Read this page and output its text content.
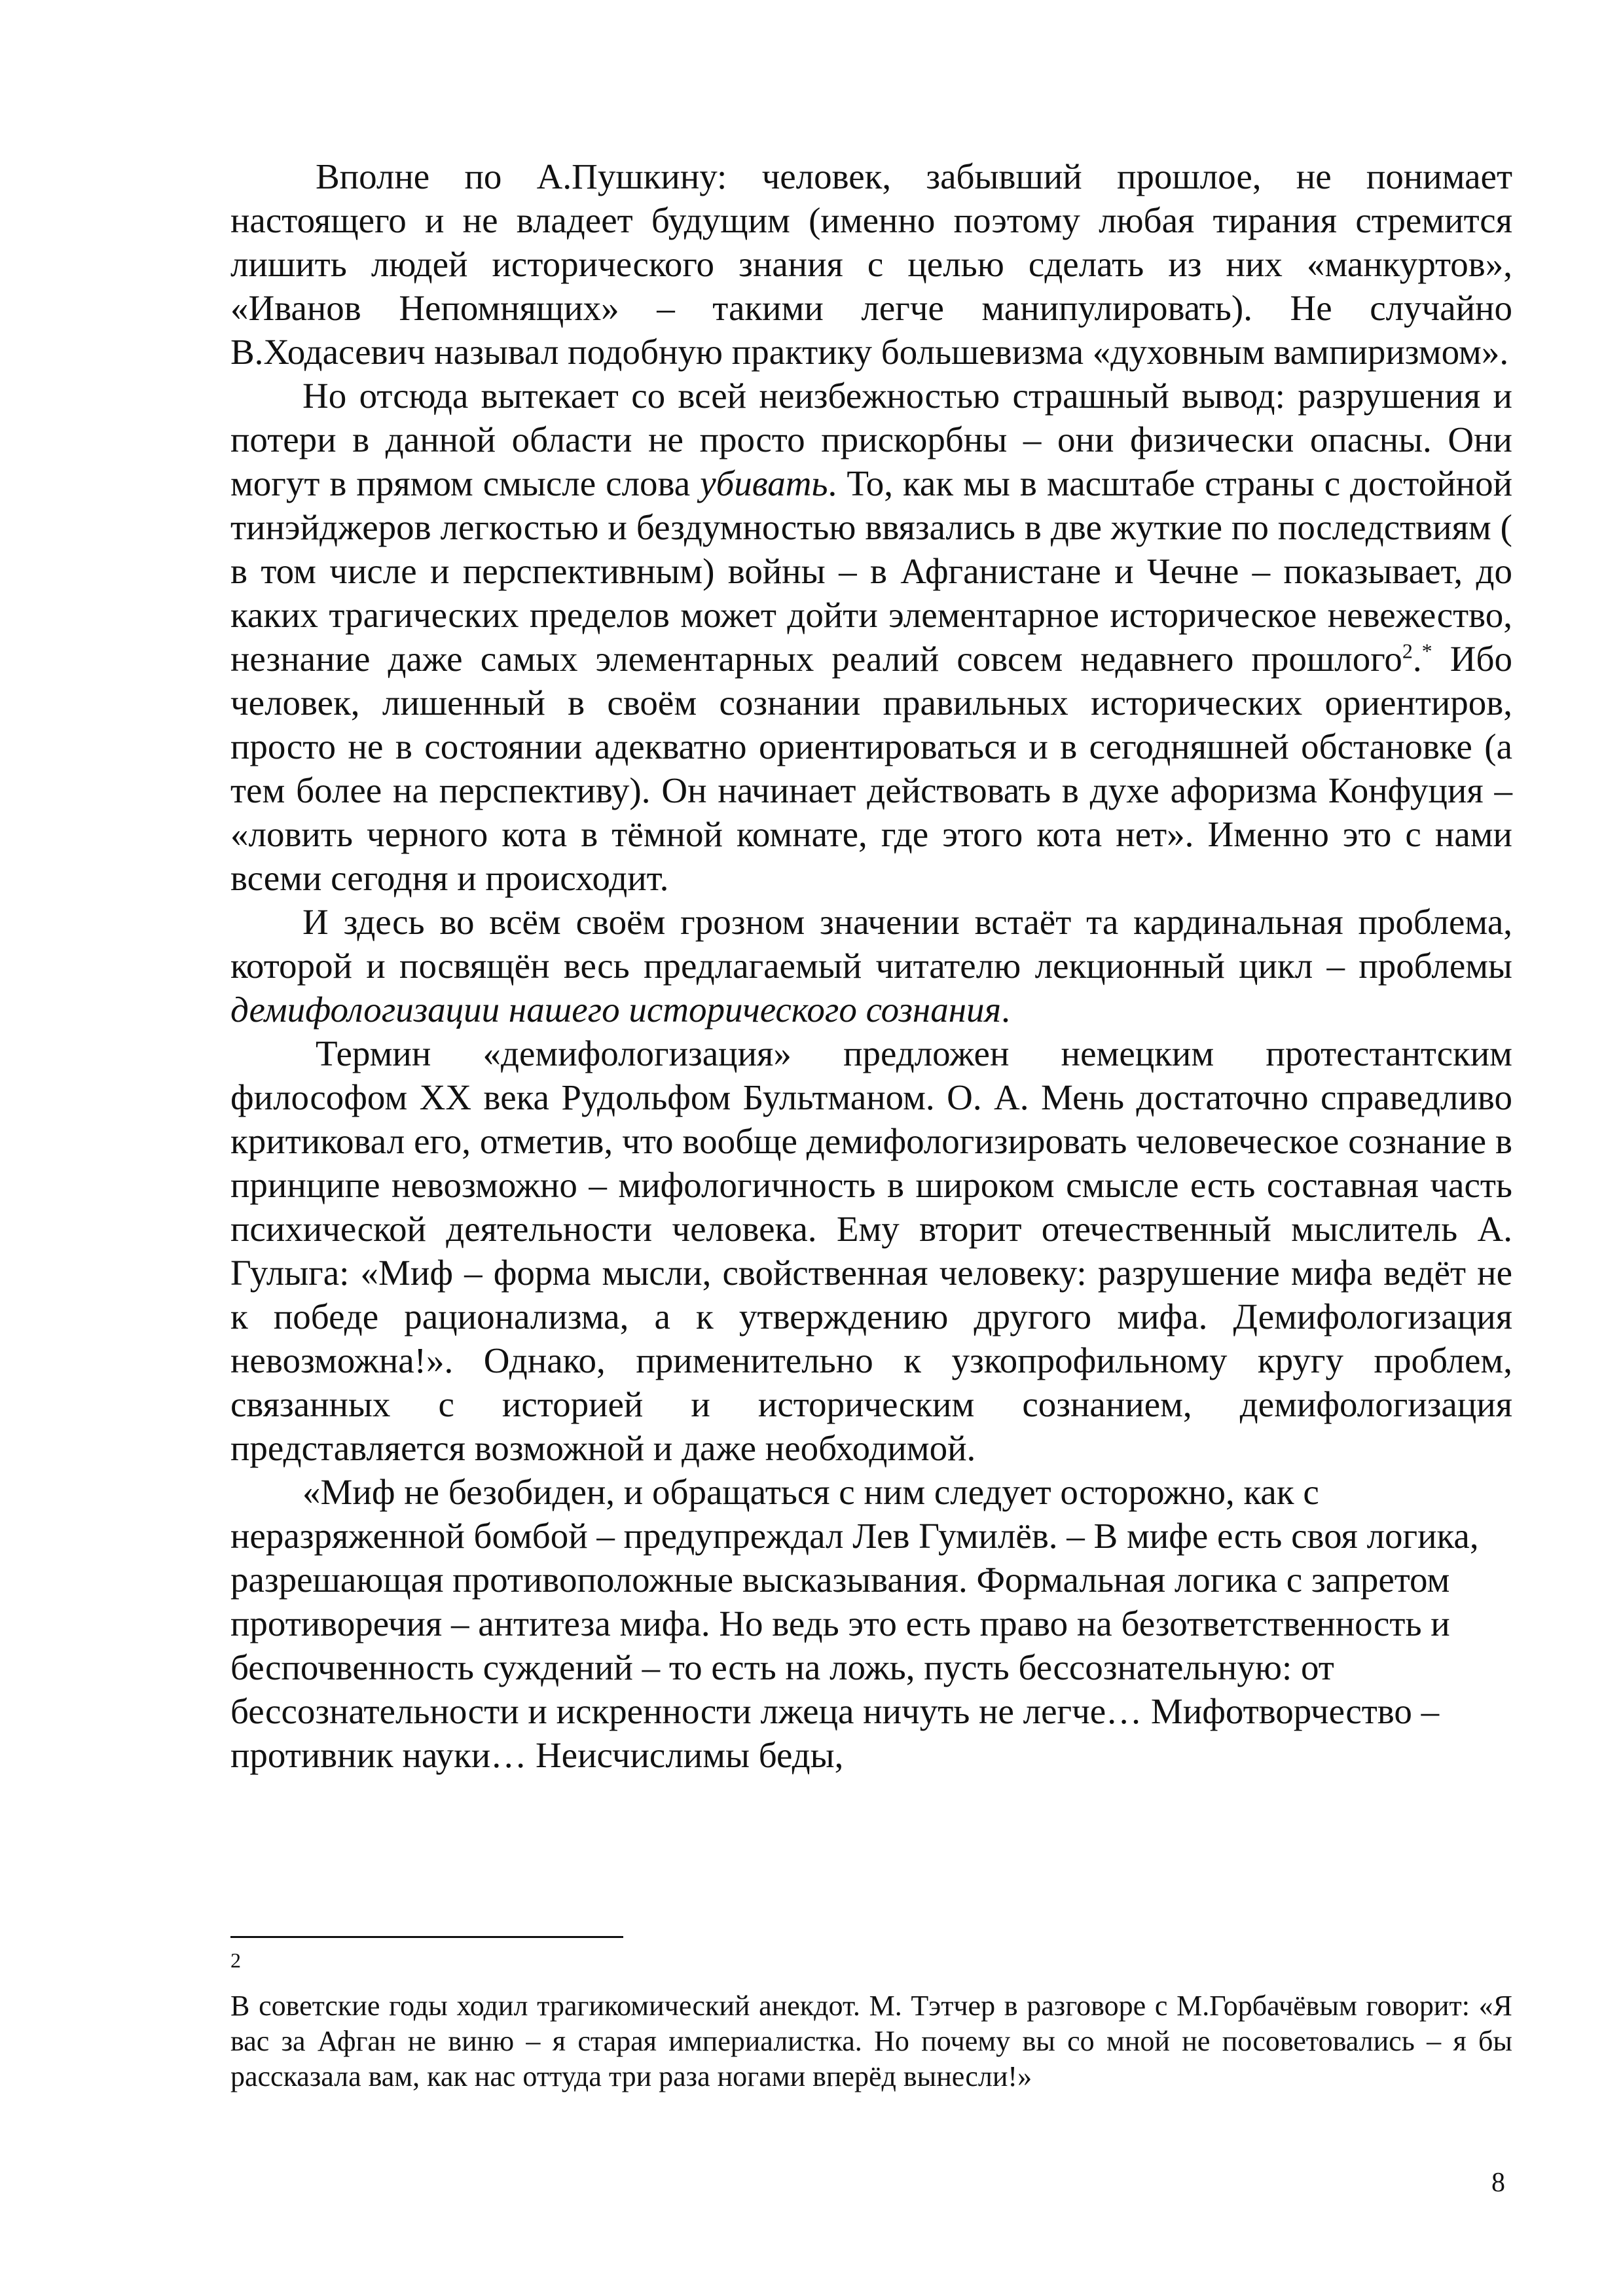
Вполне по А.Пушкину: человек, забывший прошлое, не понимает настоящего и не владеет будущим (именно поэтому любая тирания стремится лишить людей исторического знания с целью сделать из них «манкуртов», «Иванов Непомнящих» – такими легче манипулировать). Не случайно В.Ходасевич называл подобную практику большевизма «духовным вампиризмом».

Но отсюда вытекает со всей неизбежностью страшный вывод: разрушения и потери в данной области не просто прискорбны – они физически опасны. Они могут в прямом смысле слова убивать. То, как мы в масштабе страны с достойной тинэйджеров легкостью и бездумностью ввязались в две жуткие по последствиям ( в том числе и перспективным) войны – в Афганистане и Чечне – показывает, до каких трагических пределов может дойти элементарное историческое невежество, незнание даже самых элементарных реалий совсем недавнего прошлого$^2$.* Ибо человек, лишенный в своём сознании правильных исторических ориентиров, просто не в состоянии адекватно ориентироваться и в сегодняшней обстановке (а тем более на перспективу). Он начинает действовать в духе афоризма Конфуция – «ловить черного кота в тёмной комнате, где этого кота нет». Именно это с нами всеми сегодня и происходит.

И здесь во всём своём грозном значении встаёт та кардинальная проблема, которой и посвящён весь предлагаемый читателю лекционный цикл – проблемы демифологизации нашего исторического сознания.

Термин «демифологизация» предложен немецким протестантским философом XX века Рудольфом Бультманом. О. А. Мень достаточно справедливо критиковал его, отметив, что вообще демифологизировать человеческое сознание в принципе невозможно – мифологичность в широком смысле есть составная часть психической деятельности человека. Ему вторит отечественный мыслитель А. Гулыга: «Миф – форма мысли, свойственная человеку: разрушение мифа ведёт не к победе рационализма, а к утверждению другого мифа. Демифологизация невозможна!». Однако, применительно к узкопрофильному кругу проблем, связанных с историей и историческим сознанием, демифологизация представляется возможной и даже необходимой.

«Миф не безобиден, и обращаться с ним следует осторожно, как с неразряженной бомбой – предупреждал Лев Гумилёв. – В мифе есть своя логика, разрешающая противоположные высказывания. Формальная логика с запретом противоречия – антитеза мифа. Но ведь это есть право на безответственность и беспочвенность суждений – то есть на ложь, пусть бессознательную: от бессознательности и искренности лжеца ничуть не легче… Мифотворчество – противник науки… Неисчислимы беды,

2
В советские годы ходил трагикомический анекдот. М. Тэтчер в разговоре с М.Горбачёвым говорит: «Я вас за Афган не виню – я старая империалистка. Но почему вы со мной не посоветовались – я бы рассказала вам, как нас оттуда три раза ногами вперёд вынесли!»
8
